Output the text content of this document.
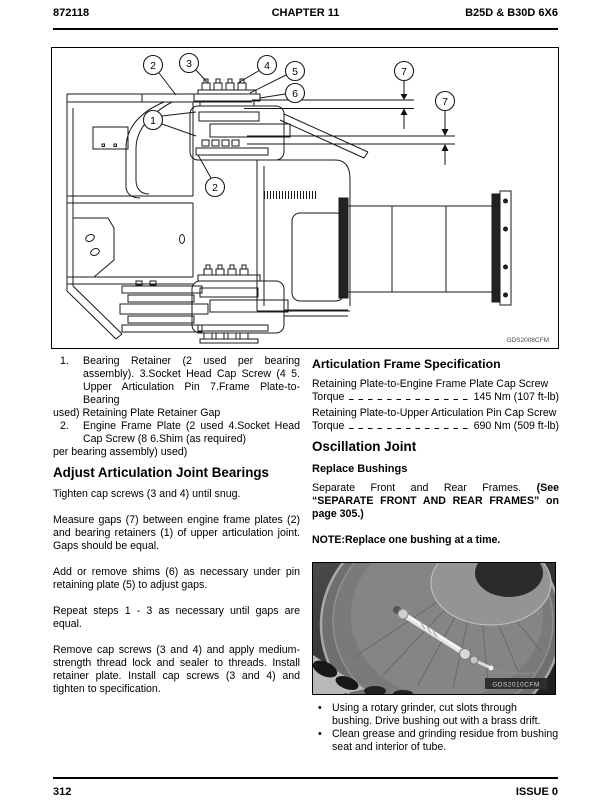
872118	CHAPTER 11	B25D & B30D 6X6
2	3	4 5
6
1
2
7
7
GDS2008CFM
1. Bearing Retainer (2 used per bearing
assembly). 3.Socket Head Cap Screw (4 5.
Upper Articulation Pin 7.Frame Plate-to-
Bearing
used) Retaining Plate Retainer Gap
2. Engine Frame Plate (2 used 4.Socket Head
Cap Screw (8 6.Shim (as required)
per bearing assembly) used)
Adjust Articulation Joint Bearings

Tighten cap screws (3 and 4) until snug.

Measure gaps (7) between engine frame plates (2) and bearing retainers (1) of upper articulation joint. Gaps should be equal.

Add or remove shims (6) as necessary under pin retaining plate (5) to adjust gaps.

Repeat steps 1 - 3 as necessary until gaps are equal.

Remove cap screws (3 and 4) and apply medium-strength thread lock and sealer to threads. Install retainer plate. Install cap screws (3 and 4) and tighten to specification.

Articulation Frame Specification
Retaining Plate-to-Engine Frame Plate Cap Screw
Torque	145 Nm (107 ft-lb)
Retaining Plate-to-Upper Articulation Pin Cap Screw
Torque	690 Nm (509 ft-lb)
Oscillation Joint
Replace Bushings

Separate Front and Rear Frames. (See “SEPARATE FRONT AND REAR FRAMES” on page 305.)

NOTE:Replace one bushing at a time.

GDS2010CFM
• Using a rotary grinder, cut slots through bushing. Drive bushing out with a brass drift.
• Clean grease and grinding residue from bushing seat and interior of tube.
312	ISSUE 0
